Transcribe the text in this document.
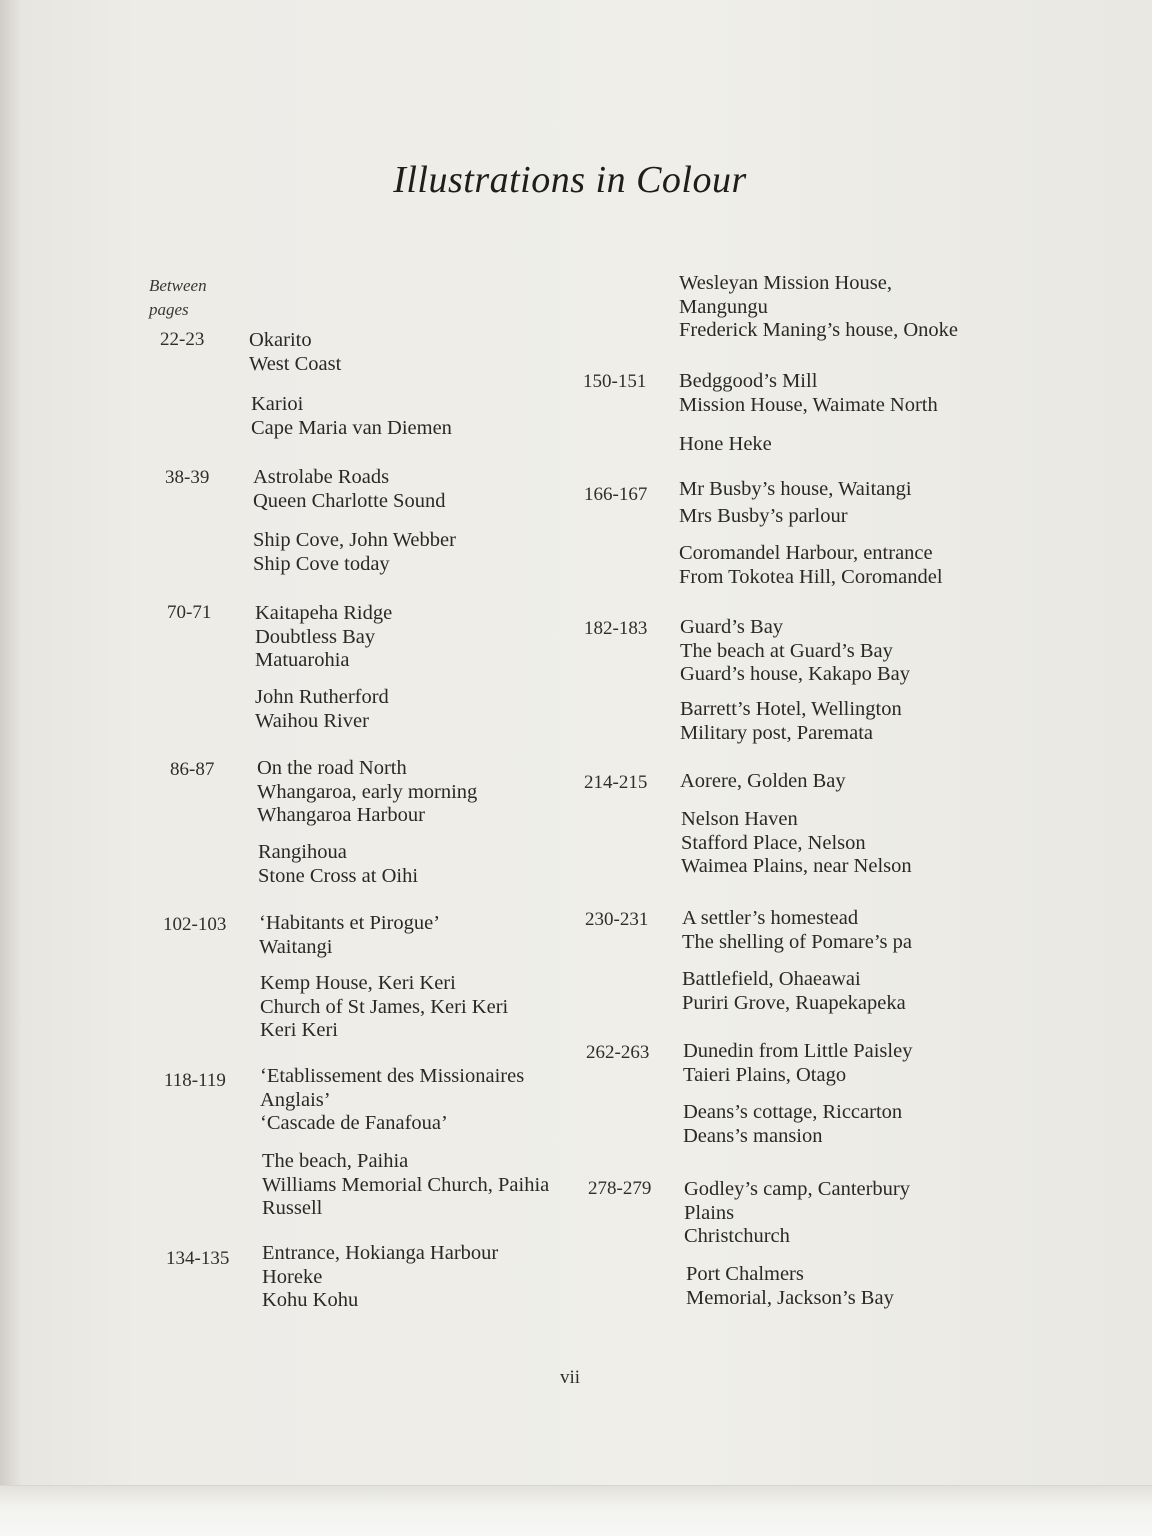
Illustrations in Colour
Between
pages
22-23 Okarito
West Coast
Karioi
Cape Maria van Diemen
38-39 Astrolabe Roads
Queen Charlotte Sound
Ship Cove, John Webber
Ship Cove today
70-71 Kaitapeha Ridge
Doubtless Bay
Matuarohia
John Rutherford
Waihou River
86-87 On the road North
Whangaroa, early morning
Whangaroa Harbour
Rangihoua
Stone Cross at Oihi
102-103 ‘Habitants et Pirogue’
Waitangi
Kemp House, Keri Keri
Church of St James, Keri Keri
Keri Keri
118-119 ‘Etablissement des Missionaires
Anglais’
‘Cascade de Fanafoua’
The beach, Paihia
Williams Memorial Church, Paihia
Russell
134-135 Entrance, Hokianga Harbour
Horeke
Kohu Kohu
Wesleyan Mission House,
Mangungu
Frederick Maning’s house, Onoke
150-151 Bedggood’s Mill
Mission House, Waimate North
Hone Heke
166-167 Mr Busby’s house, Waitangi
Mrs Busby’s parlour
Coromandel Harbour, entrance
From Tokotea Hill, Coromandel
182-183 Guard’s Bay
The beach at Guard’s Bay
Guard’s house, Kakapo Bay
Barrett’s Hotel, Wellington
Military post, Paremata
214-215 Aorere, Golden Bay
Nelson Haven
Stafford Place, Nelson
Waimea Plains, near Nelson
230-231 A settler’s homestead
The shelling of Pomare’s pa
Battlefield, Ohaeawai
Puriri Grove, Ruapekapeka
262-263 Dunedin from Little Paisley
Taieri Plains, Otago
Deans’s cottage, Riccarton
Deans’s mansion
278-279 Godley’s camp, Canterbury
Plains
Christchurch
Port Chalmers
Memorial, Jackson’s Bay
vii
